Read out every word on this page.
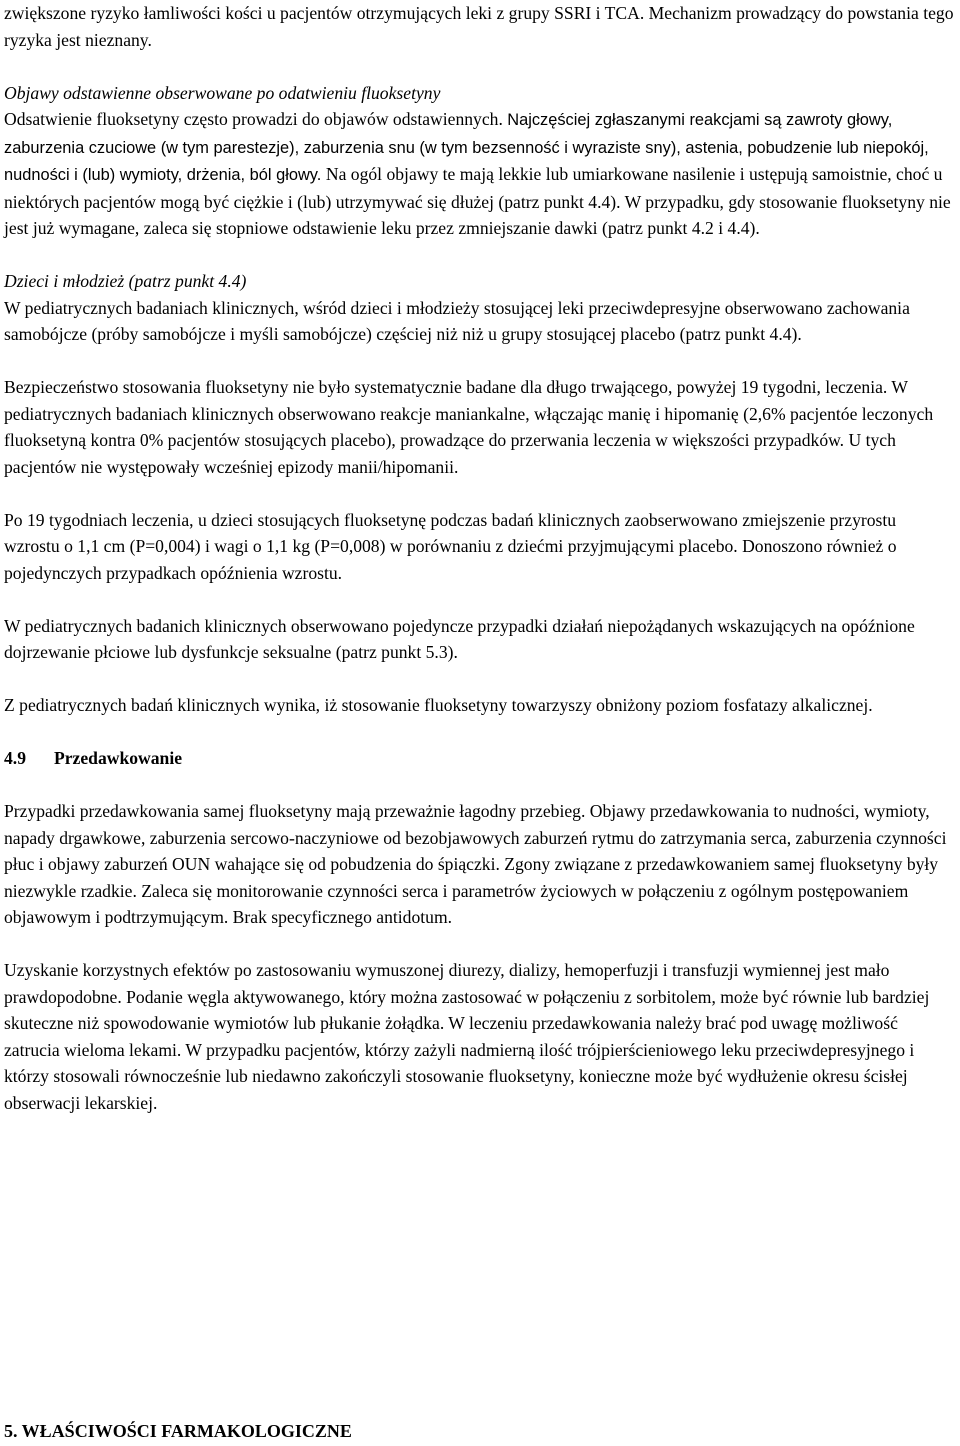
zwiększone ryzyko łamliwości kości u pacjentów otrzymujących leki z grupy SSRI i TCA. Mechanizm prowadzący do powstania tego ryzyka jest nieznany.

Objawy odstawienne obserwowane po odatwieniu fluoksetyny

Odsatwienie fluoksetyny często prowadzi do objawów odstawiennych. Najczęściej zgłaszanymi reakcjami są zawroty głowy, zaburzenia czuciowe (w tym parestezje), zaburzenia snu (w tym bezsenność i wyraziste sny), astenia, pobudzenie lub niepokój, nudności i (lub) wymioty, drżenia, ból głowy. Na ogól objawy te mają lekkie lub umiarkowane nasilenie i ustępują samoistnie, choć u niektórych pacjentów mogą być ciężkie i (lub) utrzymywać się dłużej (patrz punkt 4.4). W przypadku, gdy stosowanie fluoksetyny nie jest już wymagane, zaleca się stopniowe odstawienie leku przez zmniejszanie dawki (patrz punkt 4.2 i 4.4).

Dzieci i młodzież (patrz punkt 4.4)

W pediatrycznych badaniach klinicznych, wśród dzieci i młodzieży stosującej leki przeciwdepresyjne obserwowano zachowania samobójcze (próby samobójcze i myśli samobójcze) częściej niż niż u grupy stosującej placebo (patrz punkt 4.4).

Bezpieczeństwo stosowania fluoksetyny nie było systematycznie badane dla długo trwającego, powyżej 19 tygodni, leczenia. W pediatrycznych badaniach klinicznych obserwowano reakcje maniankalne, włączając manię i hipomanię (2,6% pacjentóe leczonych fluoksetyną kontra 0% pacjentów stosujących placebo), prowadzące do przerwania leczenia w większości przypadków. U tych pacjentów nie występowały wcześniej epizody manii/hipomanii.

Po 19 tygodniach leczenia, u dzieci stosujących fluoksetynę podczas badań klinicznych zaobserwowano zmiejszenie przyrostu wzrostu o 1,1 cm (P=0,004) i wagi o 1,1 kg (P=0,008) w porównaniu z dziećmi przyjmującymi placebo. Donoszono również o pojedynczych przypadkach opóźnienia wzrostu.

W pediatrycznych badanich klinicznych obserwowano pojedyncze przypadki działań niepożądanych wskazujących na opóźnione dojrzewanie płciowe lub dysfunkcje seksualne (patrz punkt 5.3).

Z pediatrycznych badań klinicznych wynika, iż stosowanie fluoksetyny towarzyszy obniżony poziom fosfatazy alkalicznej.

4.9 Przedawkowanie

Przypadki przedawkowania samej fluoksetyny mają przeważnie łagodny przebieg. Objawy przedawkowania to nudności, wymioty, napady drgawkowe, zaburzenia sercowo-naczyniowe od bezobjawowych zaburzeń rytmu do zatrzymania serca, zaburzenia czynności płuc i objawy zaburzeń OUN wahające się od pobudzenia do śpiączki. Zgony związane z przedawkowaniem samej fluoksetyny były niezwykle rzadkie. Zaleca się monitorowanie czynności serca i parametrów życiowych w połączeniu z ogólnym postępowaniem objawowym i podtrzymującym. Brak specyficznego antidotum.

Uzyskanie korzystnych efektów po zastosowaniu wymuszonej diurezy, dializy, hemoperfuzji i transfuzji wymiennej jest mało prawdopodobne. Podanie węgla aktywowanego, który można zastosować w połączeniu z sorbitolem, może być równie lub bardziej skuteczne niż spowodowanie wymiotów lub płukanie żołądka. W leczeniu przedawkowania należy brać pod uwagę możliwość zatrucia wieloma lekami. W przypadku pacjentów, którzy zażyli nadmierną ilość trójpierścieniowego leku przeciwdepresyjnego i którzy stosowali równocześnie lub niedawno zakończyli stosowanie fluoksetyny, konieczne może być wydłużenie okresu ścisłej obserwacji lekarskiej.

5. WŁAŚCIWOŚCI FARMAKOLOGICZNE
